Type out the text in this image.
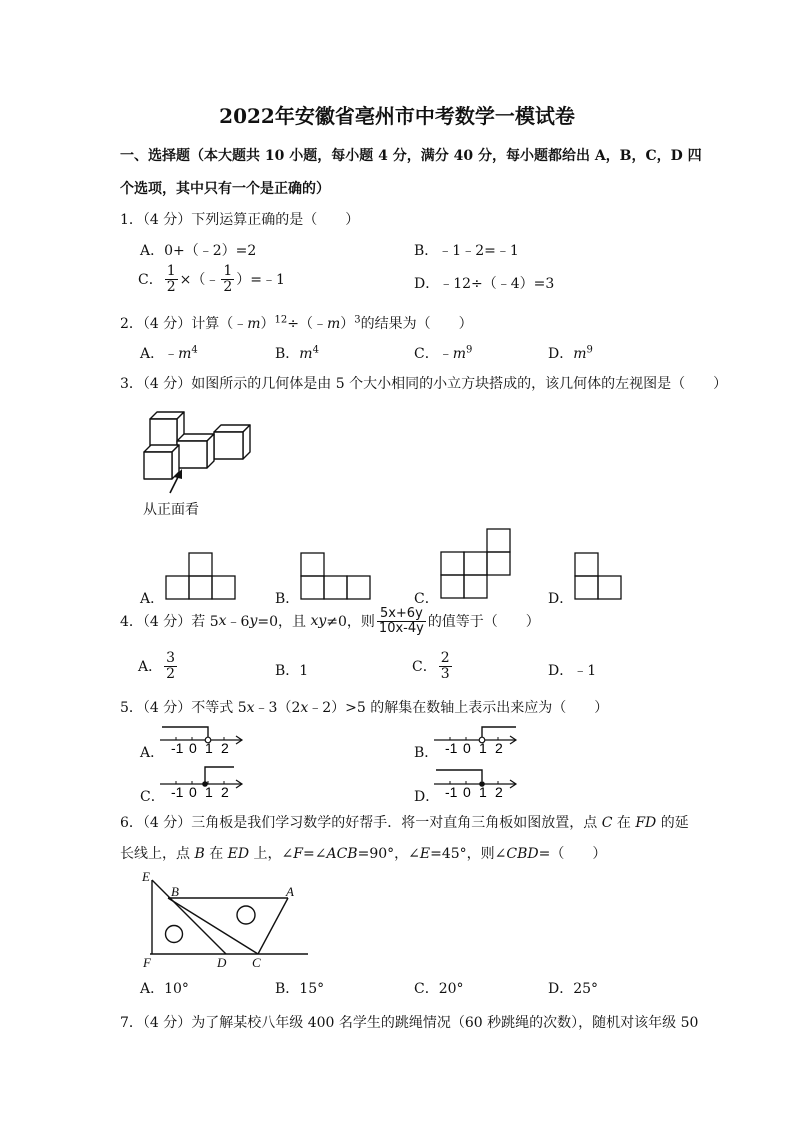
2022年安徽省亳州市中考数学一模试卷
一、选择题（本大题共 10 小题，每小题 4 分，满分 40 分，每小题都给出 A，B，C，D 四
个选项，其中只有一个是正确的）
1．（4 分）下列运算正确的是（　　）
A．0+（﹣2）=2	B．﹣1﹣2=﹣1
C． $\frac{1}{2}$ ×（﹣ $\frac{1}{2}$ ）=﹣1	D．﹣12÷（﹣4）=3
2．（4 分）计算（﹣m）$^{12}$÷（﹣m）$^3$的结果为（　　）
A．$﹣m^4$	B．$m^4$	C．$﹣m^9$	D．$m^9$
3．（4 分）如图所示的几何体是由 5 个大小相同的小立方块搭成的，该几何体的左视图是（　　）
从正面看
A．	B．	C．	D．
4．（4 分）若 5x﹣6y=0，且 xy≠0，则 $\frac{5x+6y}{10x-4y}$ 的值等于（　　）
A． $\frac{3}{2}$	B．1	C． $\frac{2}{3}$	D．﹣1
5．（4 分）不等式 5x﹣3（2x﹣2）>5 的解集在数轴上表示出来应为（　　）
A． -1 0 1 2	B． -1 0 1 2
C． -1 0 1 2	D． -1 0 1 2
6．（4 分）三角板是我们学习数学的好帮手．将一对直角三角板如图放置，点 C 在 FD 的延
长线上，点 B 在 ED 上，∠F=∠ACB=90°，∠E=45°，则∠CBD=（　　）
E
B	A
F	D C
A．10°	B．15°	C．20°	D．25°
7．（4 分）为了解某校八年级 400 名学生的跳绳情况（60 秒跳绳的次数），随机对该年级 50
